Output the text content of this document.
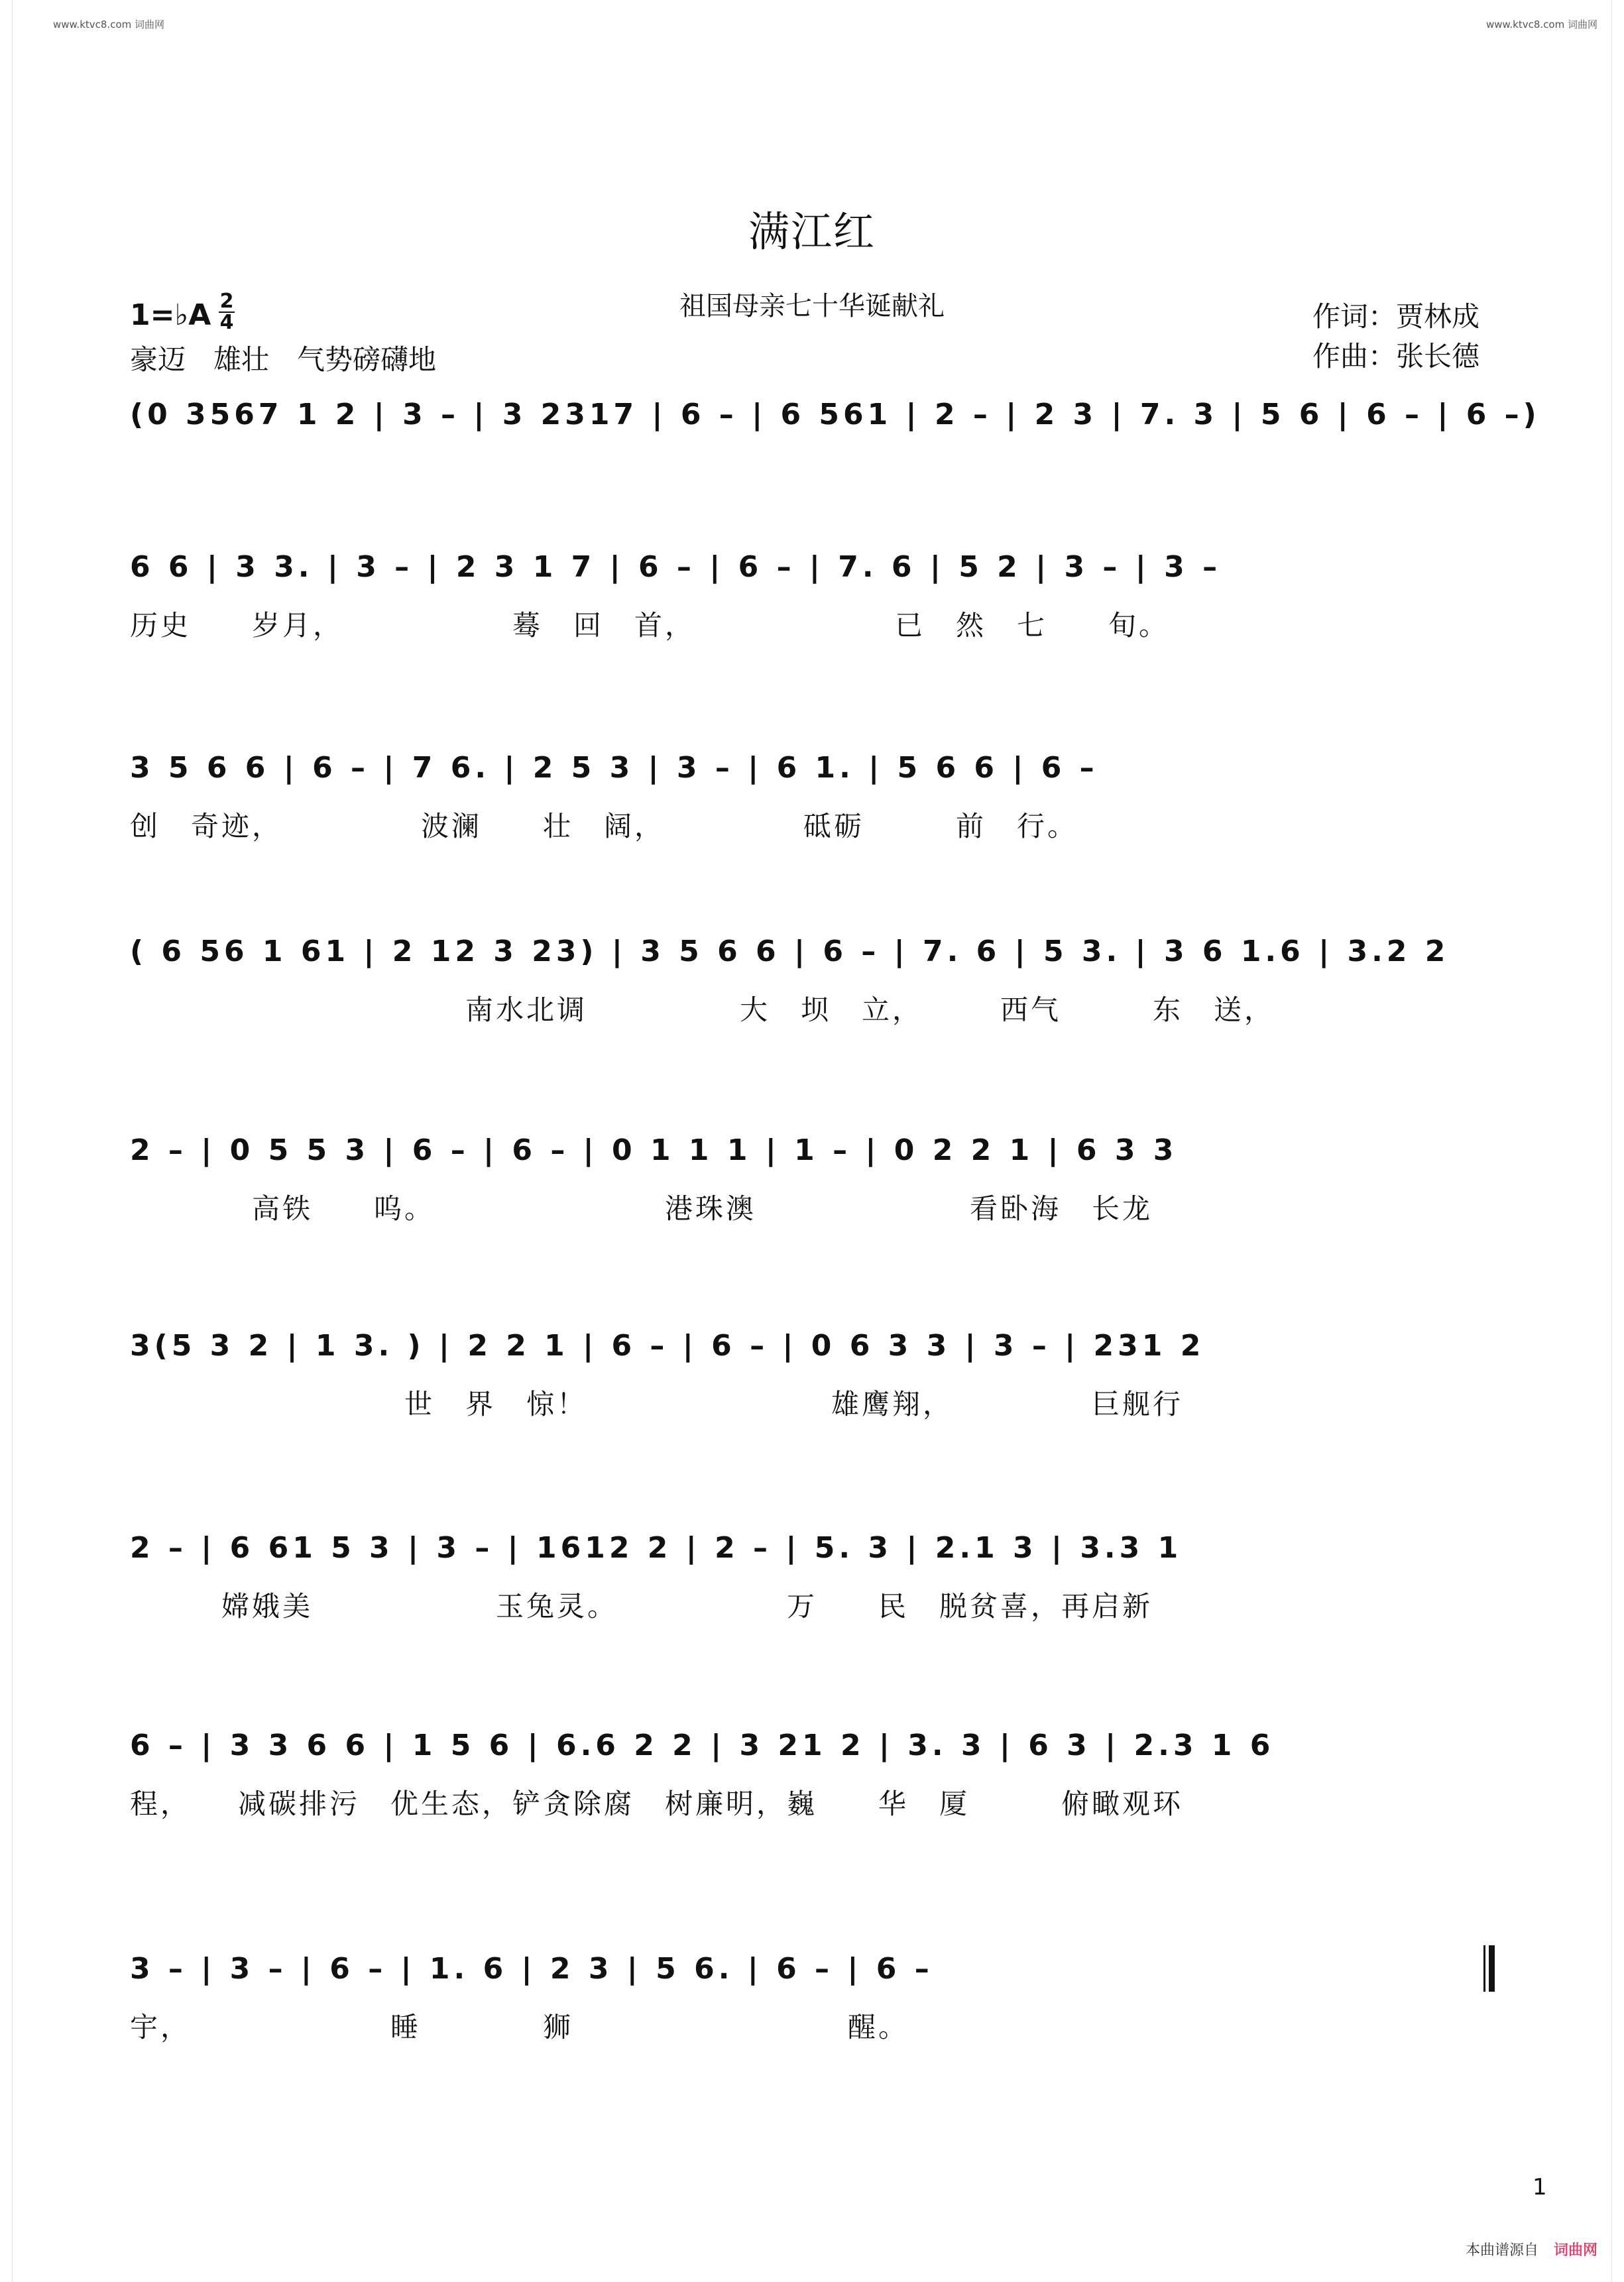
www.ktvc8.com 词曲网	www.ktvc8.com 词曲网
满江红
祖国母亲七十华诞献礼
1=♭A 2
4
豪迈　雄壮　气势磅礴地
作词：贾林成
作曲：张长德
(0 3567 1 2 | 3 – | 3 2317 | 6 – | 6 561 | 2 – | 2 3 | 7. 3 | 5 6 | 6 – | 6 –)
6 6 | 3 3. | 3 – | 2 3 1 7 | 6 – | 6 – | 7. 6 | 5 2 | 3 – | 3 –
历史　　岁月，　　　　　　蓦　回　首，　　　　　　　已　然　七　　旬。
3 5 6 6 | 6 – | 7 6. | 2 5 3 | 3 – | 6 1. | 5 6 6 | 6 –
创　奇迹，　　　　　波澜　　壮　阔，　　　　　砥砺　　　前　行。
( 6 56 1 61 | 2 12 3 23) | 3 5 6 6 | 6 – | 7. 6 | 5 3. | 3 6 1.6 | 3.2 2
　　　　　　　　　　　南水北调　　　　　大　坝　立，　　　西气　　　东　送，
2 – | 0 5 5 3 | 6 – | 6 – | 0 1 1 1 | 1 – | 0 2 2 1 | 6 3 3
　　　　高铁　　呜。　　　　　　　　港珠澳　　　　　　　看卧海　长龙
3(5 3 2 | 1 3. ) | 2 2 1 | 6 – | 6 – | 0 6 3 3 | 3 – | 231 2
　　　　　　　　　世　界　惊！　　　　　　　　雄鹰翔，　　　　　巨舰行
2 – | 6 61 5 3 | 3 – | 1612 2 | 2 – | 5. 3 | 2.1 3 | 3.3 1
　　　嫦娥美　　　　　　玉兔灵。　　　　　　万　　民　脱贫喜，再启新
6 – | 3 3 6 6 | 1 5 6 | 6.6 2 2 | 3 21 2 | 3. 3 | 6 3 | 2.3 1 6
程，　　减碳排污　优生态，铲贪除腐　树廉明，巍　　华　厦　　　俯瞰观环
3 – | 3 – | 6 – | 1. 6 | 2 3 | 5 6. | 6 – | 6 –
宇，　　　　　　　睡　　　　狮　　　　　　　　　醒。
1
本曲谱源自 词曲网
